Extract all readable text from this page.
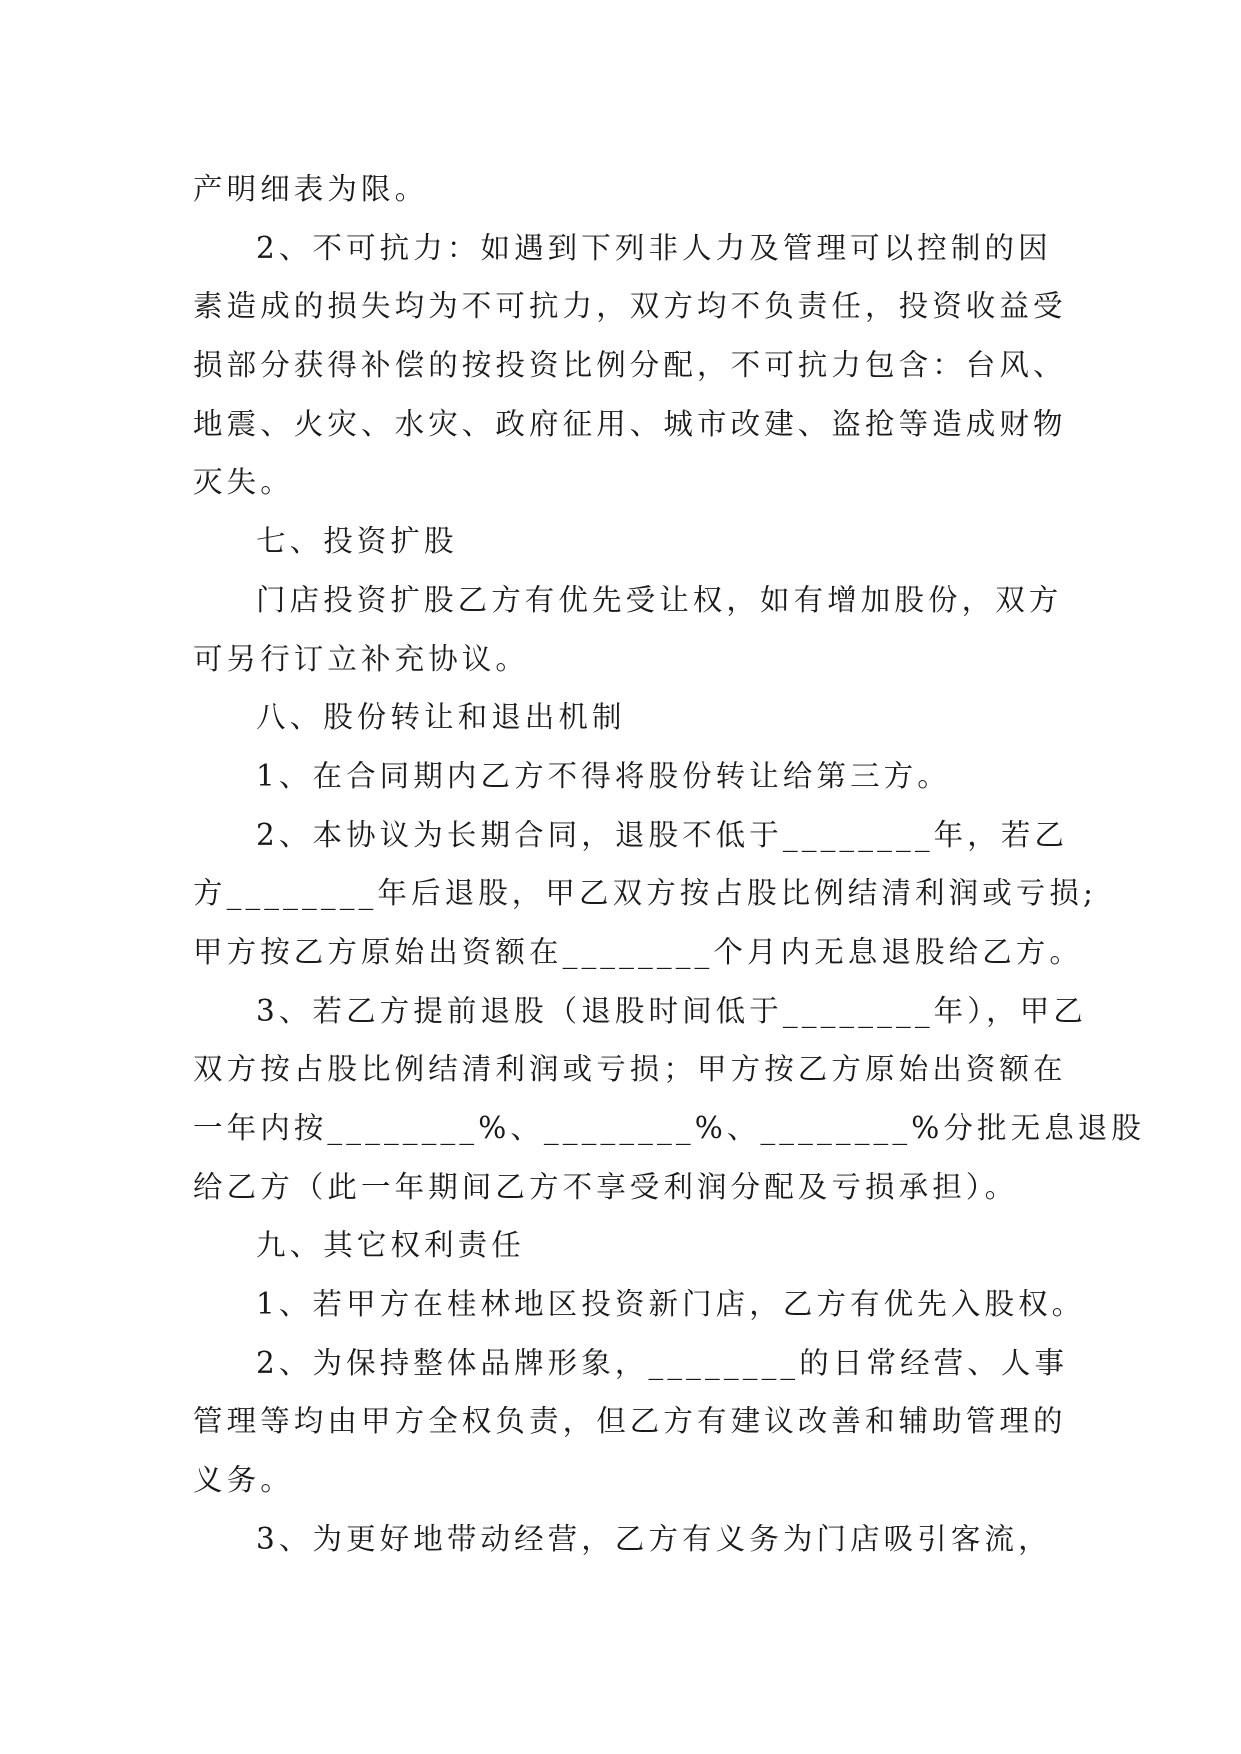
产明细表为限。
2、不可抗力：如遇到下列非人力及管理可以控制的因
素造成的损失均为不可抗力，双方均不负责任，投资收益受
损部分获得补偿的按投资比例分配，不可抗力包含：台风、
地震、火灾、水灾、政府征用、城市改建、盗抢等造成财物
灭失。
七、投资扩股
门店投资扩股乙方有优先受让权，如有增加股份，双方
可另行订立补充协议。
八、股份转让和退出机制
1、在合同期内乙方不得将股份转让给第三方。
2、本协议为长期合同，退股不低于________年，若乙
方________年后退股，甲乙双方按占股比例结清利润或亏损;
甲方按乙方原始出资额在________个月内无息退股给乙方。
3、若乙方提前退股（退股时间低于________年），甲乙
双方按占股比例结清利润或亏损；甲方按乙方原始出资额在
一年内按________%、________%、________%分批无息退股
给乙方（此一年期间乙方不享受利润分配及亏损承担）。
九、其它权利责任
1、若甲方在桂林地区投资新门店，乙方有优先入股权。
2、为保持整体品牌形象，________的日常经营、人事
管理等均由甲方全权负责，但乙方有建议改善和辅助管理的
义务。
3、为更好地带动经营，乙方有义务为门店吸引客流，
